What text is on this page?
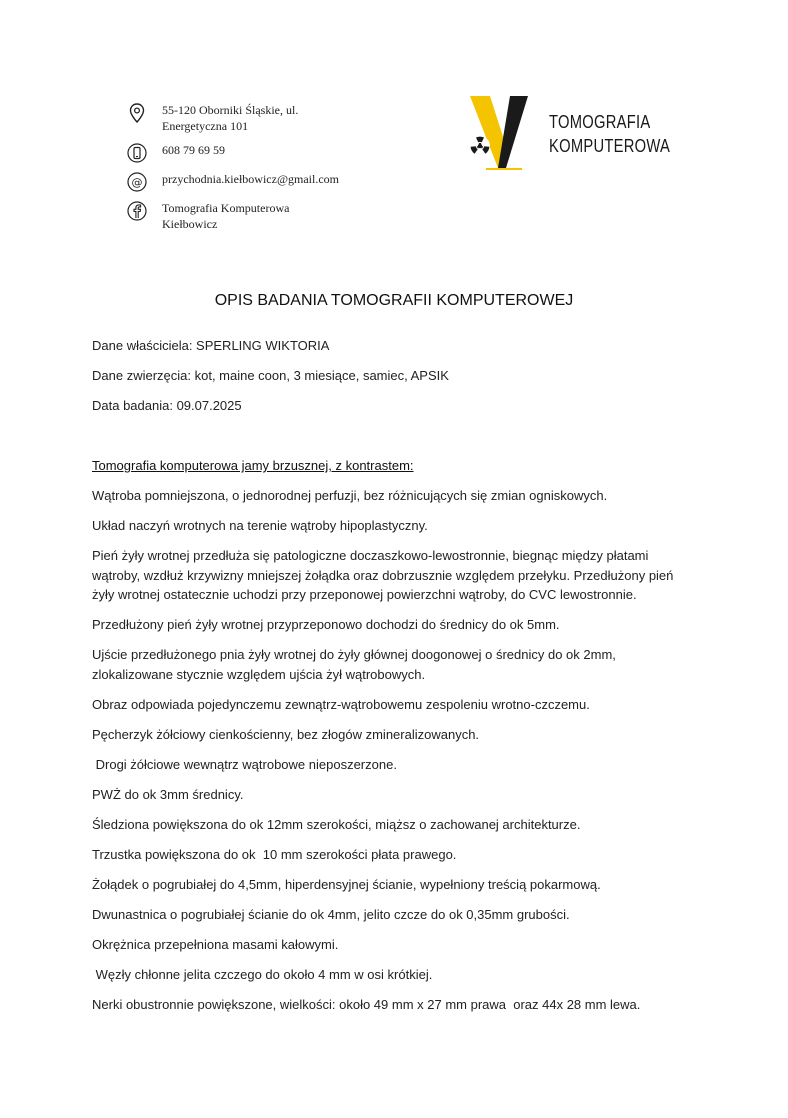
55-120 Oborniki Śląskie, ul.
Energetyczna 101
608 79 69 59
@ przychodnia.kiełbowicz@gmail.com
Tomografia Komputerowa
Kiełbowicz
TOMOGRAFIA
KOMPUTEROWA
OPIS BADANIA TOMOGRAFII KOMPUTEROWEJ
Dane właściciela: SPERLING WIKTORIA
Dane zwierzęcia: kot, maine coon, 3 miesiące, samiec, APSIK
Data badania: 09.07.2025
Tomografia komputerowa jamy brzusznej, z kontrastem:
Wątroba pomniejszona, o jednorodnej perfuzji, bez różnicujących się zmian ogniskowych.
Układ naczyń wrotnych na terenie wątroby hipoplastyczny.
Pień żyły wrotnej przedłuża się patologiczne doczaszkowo-lewostronnie, biegnąc między płatami wątroby, wzdłuż krzywizny mniejszej żołądka oraz dobrzusznie względem przełyku. Przedłużony pień żyły wrotnej ostatecznie uchodzi przy przeponowej powierzchni wątroby, do CVC lewostronnie.
Przedłużony pień żyły wrotnej przyprzeponowo dochodzi do średnicy do ok 5mm.
Ujście przedłużonego pnia żyły wrotnej do żyły głównej doogonowej o średnicy do ok 2mm, zlokalizowane stycznie względem ujścia żył wątrobowych.
Obraz odpowiada pojedynczemu zewnątrz-wątrobowemu zespoleniu wrotno-czczemu.
Pęcherzyk żółciowy cienkościenny, bez złogów zmineralizowanych.
Drogi żółciowe wewnątrz wątrobowe nieposzerzone.
PWŻ do ok 3mm średnicy.
Śledziona powiększona do ok 12mm szerokości, miąższ o zachowanej architekturze.
Trzustka powiększona do ok  10 mm szerokości płata prawego.
Żołądek o pogrubiałej do 4,5mm, hiperdensyjnej ścianie, wypełniony treścią pokarmową.
Dwunastnica o pogrubiałej ścianie do ok 4mm, jelito czcze do ok 0,35mm grubości.
Okrężnica przepełniona masami kałowymi.
Węzły chłonne jelita czczego do około 4 mm w osi krótkiej.
Nerki obustronnie powiększone, wielkości: około 49 mm x 27 mm prawa  oraz 44x 28 mm lewa.
